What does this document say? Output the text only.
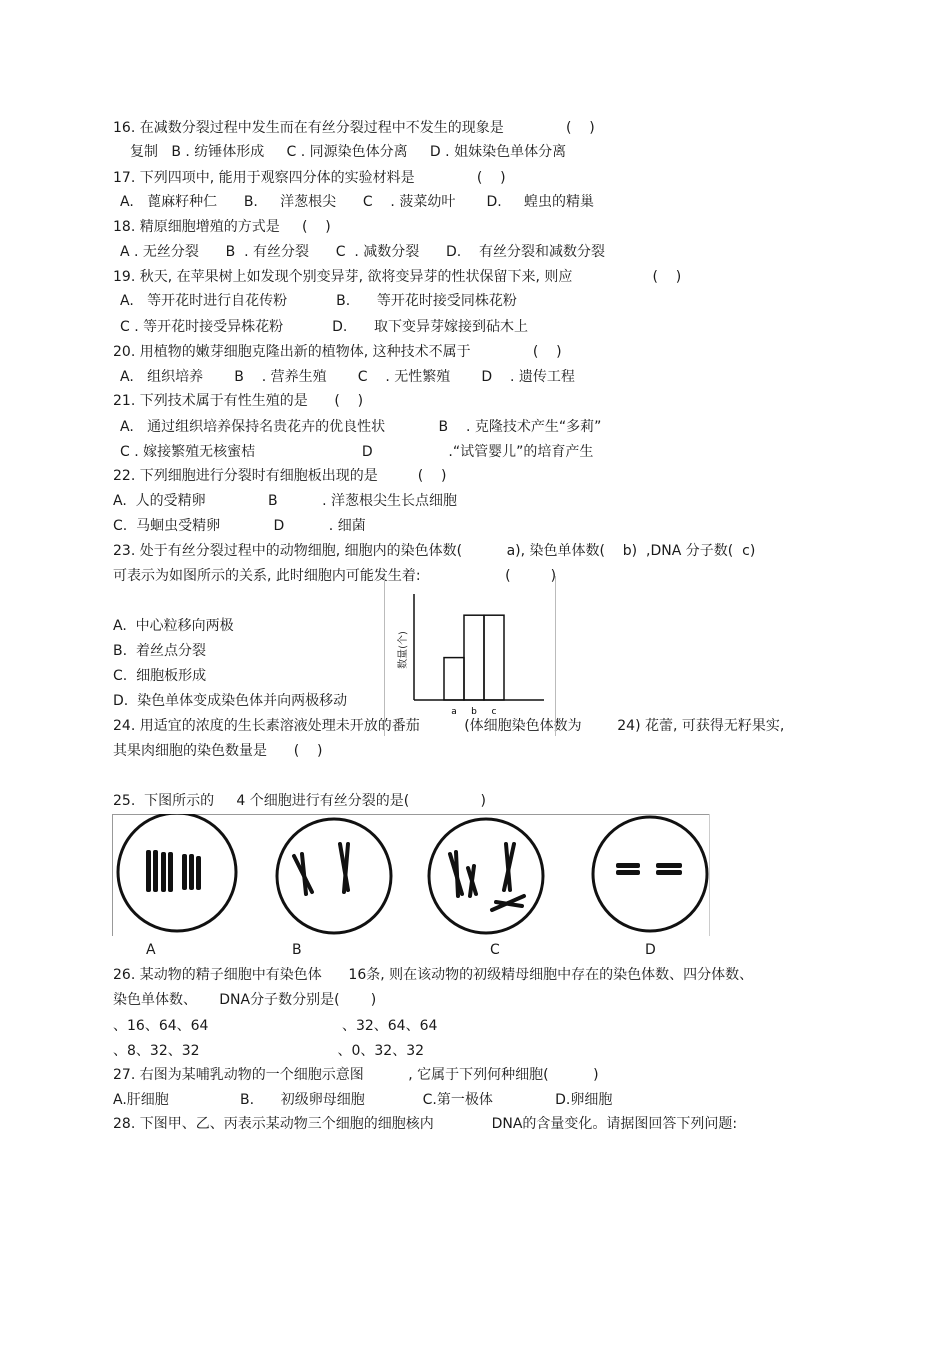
16. 在减数分裂过程中发生而在有丝分裂过程中不发生的现象是              (    )
复制   B . 纺锤体形成     C . 同源染色体分离     D . 姐妹染色单体分离
17. 下列四项中, 能用于观察四分体的实验材料是              (    )
A.   蓖麻籽种仁      B.     洋葱根尖      C    . 菠菜幼叶       D.     蝗虫的精巢
18. 精原细胞增殖的方式是     (    )
A . 无丝分裂      B  . 有丝分裂      C  . 减数分裂      D.    有丝分裂和减数分裂
19. 秋天, 在苹果树上如发现个别变异芽, 欲将变异芽的性状保留下来, 则应                  (    )
A.   等开花时进行自花传粉           B.      等开花时接受同株花粉
C . 等开花时接受异株花粉           D.      取下变异芽嫁接到砧木上
20. 用植物的嫩芽细胞克隆出新的植物体, 这种技术不属于              (    )
A.   组织培养       B    . 营养生殖       C    . 无性繁殖       D    . 遗传工程
21. 下列技术属于有性生殖的是      (    )
A.   通过组织培养保持名贵花卉的优良性状            B    . 克隆技术产生“多莉”
C . 嫁接繁殖无核蜜桔                        D                 .“试管婴儿”的培育产生
22. 下列细胞进行分裂时有细胞板出现的是         (    )
A.  人的受精卵              B          . 洋葱根尖生长点细胞
C.  马蛔虫受精卵            D          . 细菌
23. 处于有丝分裂过程中的动物细胞, 细胞内的染色体数(          a), 染色单体数(    b)  ,DNA 分子数(  c)
可表示为如图所示的关系, 此时细胞内可能发生着:                   (         )
A.  中心粒移向两极
B.  着丝点分裂
C.  细胞板形成
D.  染色单体变成染色体并向两极移动
24. 用适宜的浓度的生长素溶液处理未开放的番茄          (体细胞染色体数为        24) 花蕾, 可获得无籽果实,
其果肉细胞的染色数量是      (    )
25.  下图所示的     4 个细胞进行有丝分裂的是(                )
26. 某动物的精子细胞中有染色体      16条, 则在该动物的初级精母细胞中存在的染色体数、四分体数、
染色单体数、     DNA分子数分别是(       )
、16、64、64                              、32、64、64
、8、32、32                               、0、32、32
27. 右图为某哺乳动物的一个细胞示意图          , 它属于下列何种细胞(          )
A.肝细胞                B.      初级卵母细胞             C.第一极体              D.卵细胞
28. 下图甲、乙、丙表示某动物三个细胞的细胞核内             DNA的含量变化。请据图回答下列问题:
a b c
数量(个)
A	B	C	D
